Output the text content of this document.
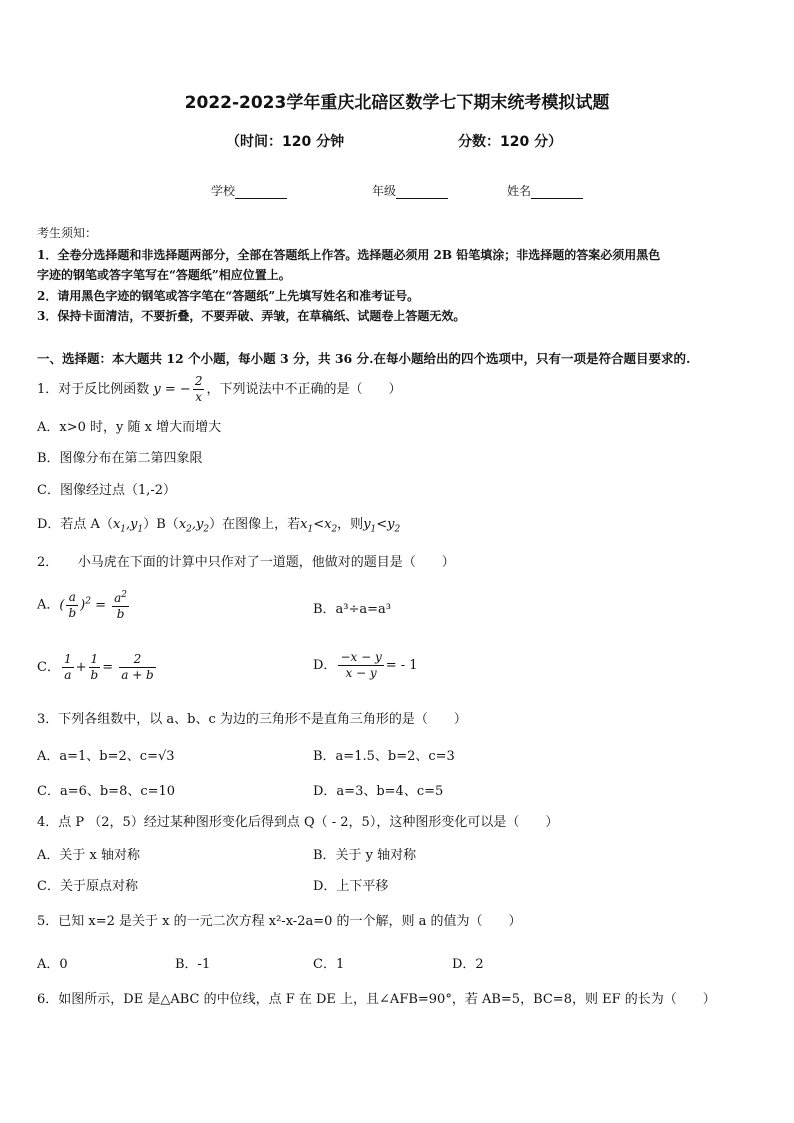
2022-2023学年重庆北碚区数学七下期末统考模拟试题
（时间：120 分钟	分数：120 分）
学校	年级	姓名
考生须知：
1．全卷分选择题和非选择题两部分，全部在答题纸上作答。选择题必须用 2B 铅笔填涂；非选择题的答案必须用黑色
字迹的钢笔或答字笔写在“答题纸”相应位置上。
2．请用黑色字迹的钢笔或答字笔在“答题纸”上先填写姓名和准考证号。
3．保持卡面清洁，不要折叠，不要弄破、弄皱，在草稿纸、试题卷上答题无效。
一、选择题：本大题共 12 个小题，每小题 3 分，共 36 分.在每小题给出的四个选项中，只有一项是符合题目要求的.
1．对于反比例函数 y = − $\frac{2}{x}$ ，下列说法中不正确的是（　　）
A．x>0 时，y 随 x 增大而增大
B．图像分布在第二第四象限
C．图像经过点（1,-2）
D．若点 $A(x_1,y_1)B(x_2,y_2)$在图像上，若$x_1<x_2$，则$y_1<y_2$
2．　　小马虎在下面的计算中只作对了一道题，他做对的题目是（　　）
A．( $\frac{a}{b} )^2 = \frac{a^2}{b}$	B．a³÷a=a³
C． $\frac{1}{a} + \frac{1}{b} = \frac{2}{a + b}$	D． $\frac{-x - y}{x - y}$ = - 1
3．下列各组数中，以 a、b、c 为边的三角形不是直角三角形的是（　　）
A．a=1、b=2、c=√3	B．a=1.5、b=2、c=3
C．a=6、b=8、c=10	D．a=3、b=4、c=5
4．点 P （2，5）经过某种图形变化后得到点 Q（ - 2，5），这种图形变化可以是（　　）
A．关于 x 轴对称	B．关于 y 轴对称
C．关于原点对称	D．上下平移
5．已知 x=2 是关于 x 的一元二次方程 x²-x-2a=0 的一个解，则 a 的值为（　　）
A．0	B．-1	C．1	D．2
6．如图所示，DE 是△ABC 的中位线，点 F 在 DE 上，且∠AFB=90°，若 AB=5，BC=8，则 EF 的长为（　　）
